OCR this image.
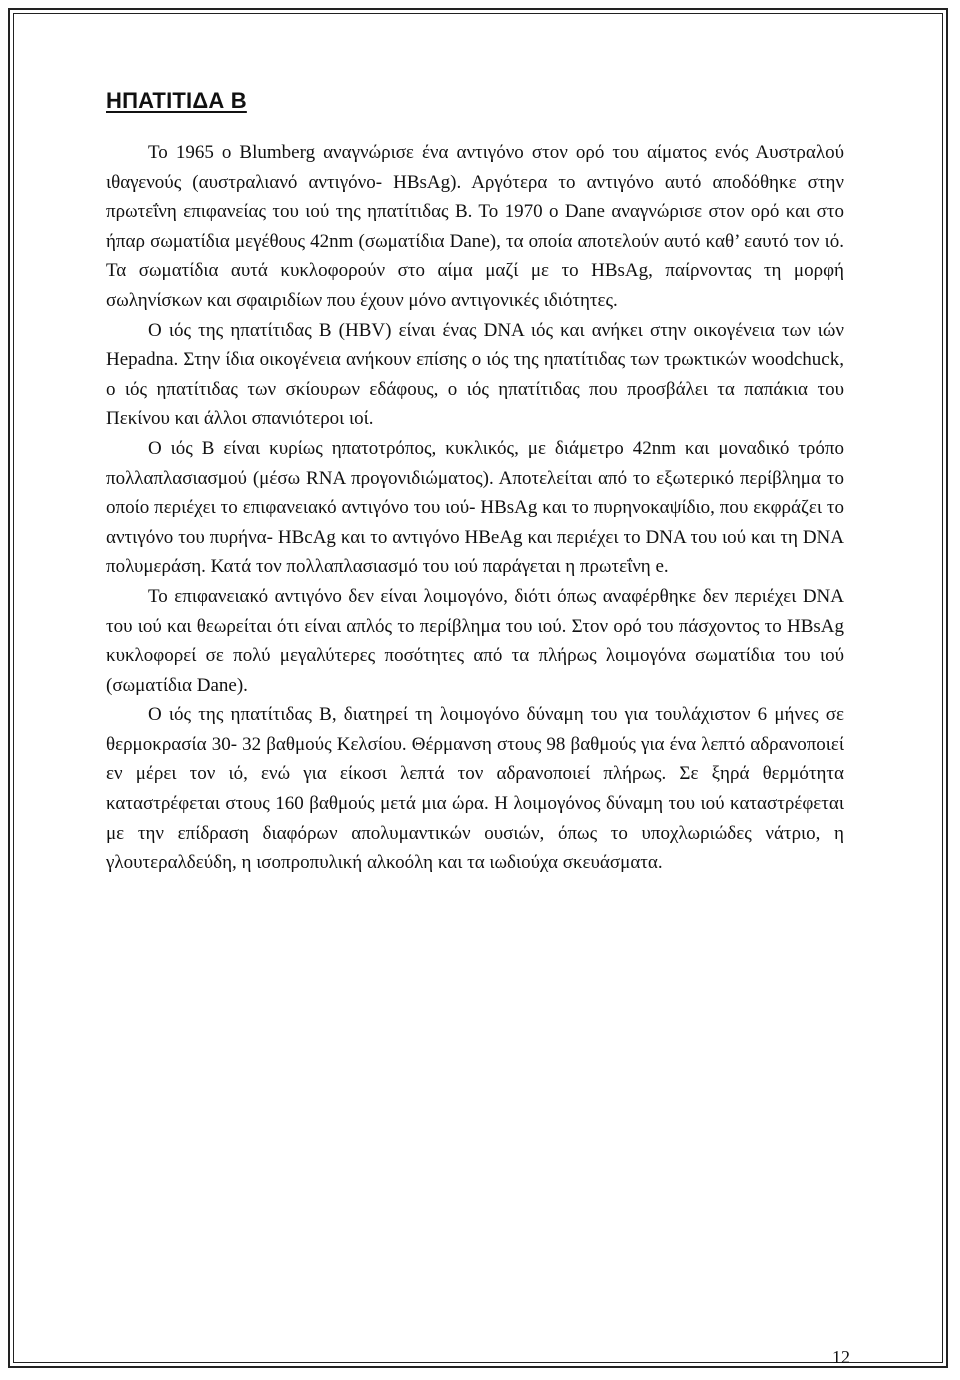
ΗΠΑΤΙΤΙΔΑ Β

Το 1965 ο Blumberg αναγνώρισε ένα αντιγόνο στον ορό του αίματος ενός Αυστραλού ιθαγενούς (αυστραλιανό αντιγόνο- HBsAg). Αργότερα το αντιγόνο αυτό αποδόθηκε στην πρωτεΐνη επιφανείας του ιού της ηπατίτιδας Β. Το 1970 ο Dane αναγνώρισε στον ορό και στο ήπαρ σωματίδια μεγέθους 42nm (σωματίδια Dane), τα οποία αποτελούν αυτό καθ’ εαυτό τον ιό. Τα σωματίδια αυτά κυκλοφορούν στο αίμα μαζί με το HBsAg, παίρνοντας τη μορφή σωληνίσκων και σφαιριδίων που έχουν μόνο αντιγονικές ιδιότητες.

Ο ιός της ηπατίτιδας Β (HBV) είναι ένας DNA ιός και ανήκει στην οικογένεια των ιών Hepadna. Στην ίδια οικογένεια ανήκουν επίσης ο ιός της ηπατίτιδας των τρωκτικών woodchuck, ο ιός ηπατίτιδας των σκίουρων εδάφους, ο ιός ηπατίτιδας που προσβάλει τα παπάκια του Πεκίνου και άλλοι σπανιότεροι ιοί.

Ο ιός Β είναι κυρίως ηπατοτρόπος, κυκλικός, με διάμετρο 42nm και μοναδικό τρόπο πολλαπλασιασμού (μέσω RNA προγονιδιώματος). Αποτελείται από το εξωτερικό περίβλημα το οποίο περιέχει το επιφανειακό αντιγόνο του ιού- HBsAg και το πυρηνοκαψίδιο, που εκφράζει το αντιγόνο του πυρήνα- HBcAg και το αντιγόνο HBeAg και περιέχει το DNA του ιού και τη DNA πολυμεράση. Κατά τον πολλαπλασιασμό του ιού παράγεται η πρωτεΐνη e.

Το επιφανειακό αντιγόνο δεν είναι λοιμογόνο, διότι όπως αναφέρθηκε δεν περιέχει DNA του ιού και θεωρείται ότι είναι απλός το περίβλημα του ιού. Στον ορό του πάσχοντος το HBsAg κυκλοφορεί σε πολύ μεγαλύτερες ποσότητες από τα πλήρως λοιμογόνα σωματίδια του ιού (σωματίδια Dane).

Ο ιός της ηπατίτιδας Β, διατηρεί τη λοιμογόνο δύναμη του για τουλάχιστον 6 μήνες σε θερμοκρασία 30- 32 βαθμούς Κελσίου. Θέρμανση στους 98 βαθμούς για ένα λεπτό αδρανοποιεί εν μέρει τον ιό, ενώ για είκοσι λεπτά τον αδρανοποιεί πλήρως. Σε ξηρά θερμότητα καταστρέφεται στους 160 βαθμούς μετά μια ώρα. Η λοιμογόνος δύναμη του ιού καταστρέφεται με την επίδραση διαφόρων απολυμαντικών ουσιών, όπως το υποχλωριώδες νάτριο, η γλουτεραλδεύδη, η ισοπροπυλική αλκοόλη και τα ιωδιούχα σκευάσματα.

12
